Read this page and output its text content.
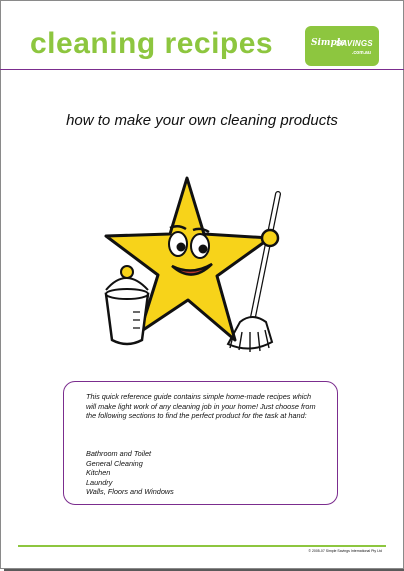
cleaning recipes	Simple
SAVINGS
.com.au
how to make your own cleaning products

This quick reference guide contains simple home-made recipes which will make light work of any cleaning job in your home! Just choose from the following sections to find the perfect product for the task at hand:

Bathroom and Toilet
General Cleaning
Kitchen
Laundry
Walls, Floors and Windows
© 2005-07 Simple Savings International Pty Ltd
